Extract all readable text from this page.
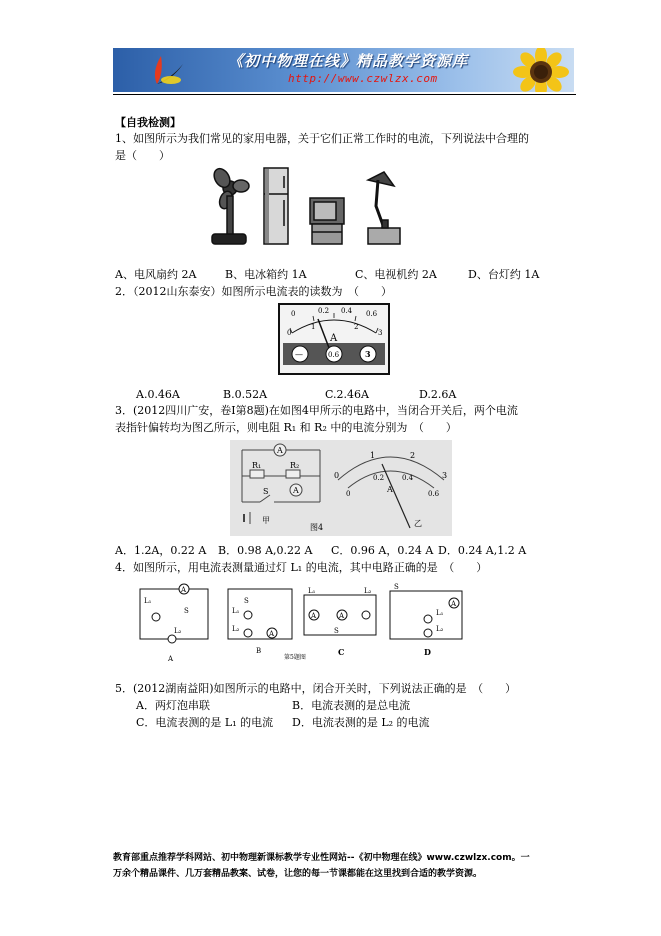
《初中物理在线》精品教学资源库
http://www.czwlzx.com
【自我检测】
1、如图所示为我们常见的家用电器，关于它们正常工作时的电流，下列说法中合理的
是（　　）
A、电风扇约 2A	B、电冰箱约 1A	C、电视机约 2A	D、台灯约 1A
2．（2012山东泰安）如图所示电流表的读数为　（　　）
0	0.2 0.4 0.6
0
1	2
3
A
—	0.6	3
A.0.46A	B.0.52A	C.2.46A	D.2.6A
3．(2012四川广安，卷Ⅰ第8题)在如图4甲所示的电路中，当闭合开关后，两个电流
表指针偏转均为图乙所示，则电阻 R₁ 和 R₂ 中的电流分别为　（　　）
A
R₁	R₂
A
S
甲
图4
0
1	2
3
0
0.2	0.4
0.6
A
乙
A．1.2A，0.22 A B．0.98 A,0.22 A C．0.96 A，0.24 A D．0.24 A,1.2 A
4．如图所示，用电流表测量通过灯 L₁ 的电流，其中电路正确的是　（　　）
A
A
A	A
A
L₁
L₂
S	L₁
L₂
S
L₁	L₂
S
S
L₁
L₂
A
B	C	D
第5题图
5．(2012湖南益阳)如图所示的电路中，闭合开关时，下列说法正确的是　（　　）
A．两灯泡串联	B．电流表测的是总电流
C．电流表测的是 L₁ 的电流 D．电流表测的是 L₂ 的电流
教育部重点推荐学科网站、初中物理新课标教学专业性网站--《初中物理在线》www.czwlzx.com。一
万余个精品课件、几万套精品教案、试卷，让您的每一节课都能在这里找到合适的教学资源。
